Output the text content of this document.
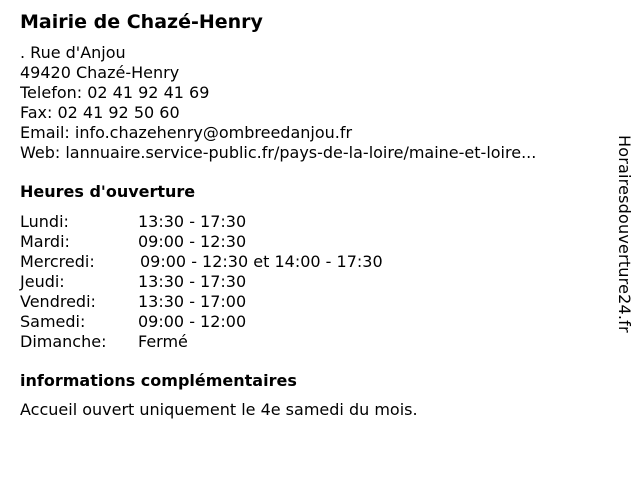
Mairie de Chazé-Henry
. Rue d'Anjou
49420 Chazé-Henry
Telefon: 02 41 92 41 69
Fax: 02 41 92 50 60
Email: info.chazehenry@ombreedanjou.fr
Web: lannuaire.service-public.fr/pays-de-la-loire/maine-et-loire...
Heures d'ouverture
Lundi:	13:30 - 17:30
Mardi:	09:00 - 12:30
Mercredi:	09:00 - 12:30 et 14:00 - 17:30
Jeudi:	13:30 - 17:30
Vendredi:	13:30 - 17:00
Samedi:	09:00 - 12:00
Dimanche: Fermé
informations complémentaires
Accueil ouvert uniquement le 4e samedi du mois.
Horairesdouverture24.fr
